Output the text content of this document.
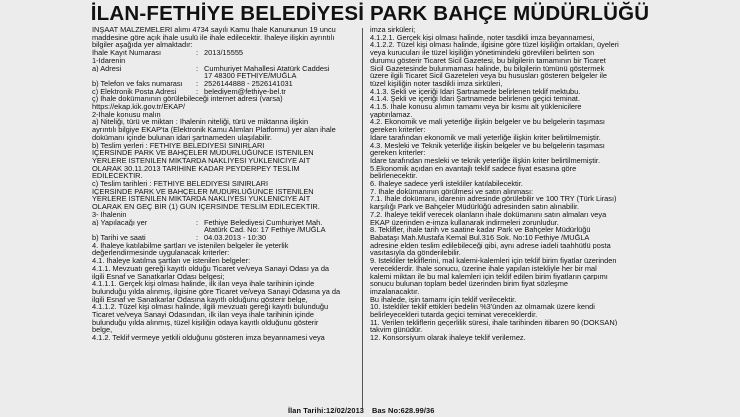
İLAN-FETHİYE BELEDİYESİ PARK BAHÇE MÜDÜRLÜĞÜ
İNŞAAT MALZEMELERİ alımı 4734 sayılı Kamu İhale Kanununun 19 uncu
maddesine göre açık ihale usulü ile ihale edilecektir. İhaleye ilişkin ayrıntılı
bilgiler aşağıda yer almaktadır:
İhale Kayıt Numarası	: 2013/15555
1-İdarenin
a) Adresi	: Cumhuriyet Mahallesi Atatürk Caddesi
17 48300 FETHİYE/MUĞLA
b) Telefon ve faks numarası	: 2526144888 - 2526141031
c) Elektronik Posta Adresi	: belediyem@fethiye-bel.tr
ç) İhale dokümanının görülebileceği internet adresi (varsa)
https://ekap.kik.gov.tr/EKAP/
2-İhale konusu malın
a) Niteliği, türü ve miktarı : İhalenin niteliği, türü ve miktarına ilişkin
ayrıntılı bilgiye EKAP'ta (Elektronik Kamu Alımları Platformu) yer alan ihale
dokümanı içinde bulunan idari şartnameden ulaşılabilir.
b) Teslim yerleri : FETHİYE BELEDİYESİ SINIRLARI
İÇERSİNDE PARK VE BAHÇELER MÜDÜRLÜĞÜNCE İSTENİLEN
YERLERE İSTENİLEN MİKTARDA NAKLİYESİ YÜKLENİCİYE AİT
OLARAK 30.11.2013 TARİHİNE KADAR PEYDERPEY TESLİM
EDİLECEKTİR.
c) Teslim tarihleri : FETHİYE BELEDİYESİ SINIRLARI
İÇERSİNDE PARK VE BAHÇELER MÜDÜRLÜĞÜNCE İSTENİLEN
YERLERE İSTENİLEN MİKTARDA NAKLİYESİ YÜKLENİCİYE AİT
OLARAK EN GEÇ BİR (1) GÜN İÇERSİNDE TESLİM EDİLECEKTİR.
3- İhalenin
a) Yapılacağı yer	: Fethiye Belediyesi Cumhuriyet Mah.
Atatürk Cad. No: 17 Fethiye /MUĞLA
b) Tarihi ve saati	: 04.03.2013 - 10:30
4. İhaleye katılabilme şartları ve istenilen belgeler ile yeterlik
değerlendirmesinde uygulanacak kriterler:
4.1. İhaleye katılma şartları ve istenilen belgeler:
4.1.1. Mevzuatı gereği kayıtlı olduğu Ticaret ve/veya Sanayi Odası ya da
ilgili Esnaf ve Sanatkarlar Odası belgesi;
4.1.1.1. Gerçek kişi olması halinde, ilk ilan veya ihale tarihinin içinde
bulunduğu yılda alınmış, ilgisine göre Ticaret ve/veya Sanayi Odasına ya da
ilgili Esnaf ve Sanatkarlar Odasına kayıtlı olduğunu gösterir belge,
4.1.1.2. Tüzel kişi olması halinde, ilgili mevzuatı gereği kayıtlı bulunduğu
Ticaret ve/veya Sanayi Odasından, ilk ilan veya ihale tarihinin içinde
bulunduğu yılda alınmış, tüzel kişiliğin odaya kayıtlı olduğunu gösterir
belge,
4.1.2. Teklif vermeye yetkili olduğunu gösteren imza beyannamesi veya
imza sirküleri;
4.1.2.1. Gerçek kişi olması halinde, noter tasdikli imza beyannamesi,
4.1.2.2. Tüzel kişi olması halinde, ilgisine göre tüzel kişiliğin ortakları, üyeleri
veya kurucuları ile tüzel kişiliğin yönetimindeki görevlileri belirten son
durumu gösterir Ticaret Sicil Gazetesi, bu bilgilerin tamamının bir Ticaret
Sicil Gazetesinde bulunmaması halinde, bu bilgilerin tümünü göstermek
üzere ilgili Ticaret Sicil Gazeteleri veya bu hususları gösteren belgeler ile
tüzel kişiliğin noter tasdikli imza sirküleri,
4.1.3. Şekli ve içeriği İdari Şartnamede belirlenen teklif mektubu.
4.1.4. Şekli ve içeriği İdari Şartnamede belirlenen geçici teminat.
4.1.5. İhale konusu alımın tamamı veya bir kısmı alt yüklenicilere
yaptırılamaz.
4.2. Ekonomik ve mali yeterliğe ilişkin belgeler ve bu belgelerin taşıması
gereken kriterler:
İdare tarafından ekonomik ve mali yeterliğe ilişkin kriter belirtilmemiştir.
4.3. Mesleki ve Teknik yeterliğe ilişkin belgeler ve bu belgelerin taşıması
gereken kriterler:
İdare tarafından mesleki ve teknik yeterliğe ilişkin kriter belirtilmemiştir.
5.Ekonomik açıdan en avantajlı teklif sadece fiyat esasına göre
belirlenecektir.
6. İhaleye sadece yerli istekliler katılabilecektir.
7. İhale dokümanının görülmesi ve satın alınması:
7.1. İhale dokümanı, idarenin adresinde görülebilir ve 100 TRY (Türk Lirası)
karşılığı Park ve Bahçeler Müdürlüğü adresinden satın alınabilir.
7.2. İhaleye teklif verecek olanların ihale dokümanını satın almaları veya
EKAP üzerinden e-imza kullanarak indirmeleri zorunludur.
8. Teklifler, ihale tarih ve saatine kadar Park ve Bahçeler Müdürlüğü
Babataşı Mah.Mustafa Kemal Bul.316 Sok. No:10 Fethiye /MUĞLA
adresine elden teslim edilebileceği gibi, aynı adrese iadeli taahhütlü posta
vasıtasıyla da gönderilebilir.
9. İstekliler tekliflerini, mal kalemi-kalemleri için teklif birim fiyatlar üzerinden
vereceklerdir. İhale sonucu, üzerine ihale yapılan istekliyle her bir mal
kalemi miktarı ile bu mal kalemleri için teklif edilen birim fiyatların çarpımı
sonucu bulunan toplam bedel üzerinden birim fiyat sözleşme
imzalanacaktır.
Bu ihalede, işin tamamı için teklif verilecektir.
10. İstekliler teklif ettikleri bedelin %3'ünden az olmamak üzere kendi
belirleyecekleri tutarda geçici teminat vereceklerdir.
11. Verilen tekliflerin geçerlilik süresi, ihale tarihinden itibaren 90 (DOKSAN)
takvim günüdür.
12. Konsorsiyum olarak ihaleye teklif verilemez.
İlan Tarihi:12/02/2013 Bas No:628.99/36
